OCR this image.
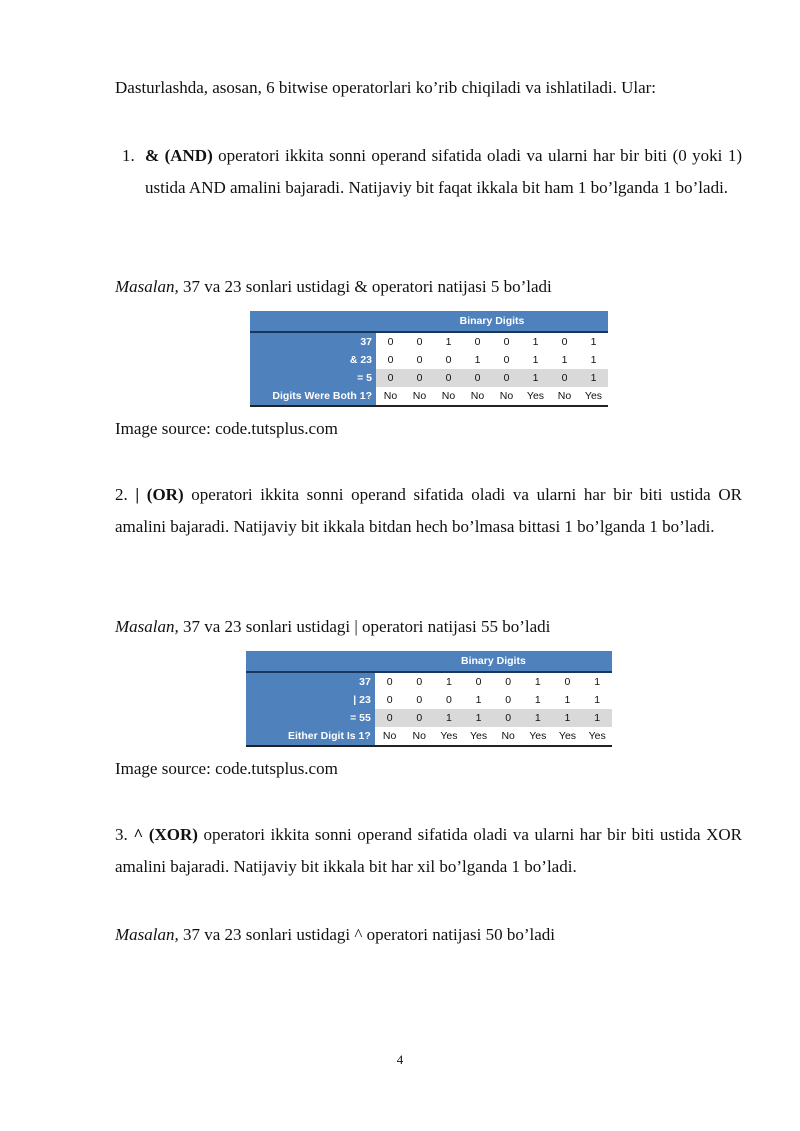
Dasturlashda, asosan, 6 bitwise operatorlari ko’rib chiqiladi va ishlatiladi. Ular:

1. & (AND) operatori ikkita sonni operand sifatida oladi va ularni har bir biti (0 yoki 1) ustida AND amalini bajaradi. Natijaviy bit faqat ikkala bit ham 1 bo’lganda 1 bo’ladi.

Masalan, 37 va 23 sonlari ustidagi & operatori natijasi 5 bo’ladi

	Binary Digits							
37	0	0	1	0	0	1	0	1
& 23	0	0	0	1	0	1	1	1
= 5	0	0	0	0	0	1	0	1
Digits Were Both 1?	No	No	No	No	No	Yes	No	Yes

Image source: code.tutsplus.com

2. | (OR) operatori ikkita sonni operand sifatida oladi va ularni har bir biti ustida OR amalini bajaradi. Natijaviy bit ikkala bitdan hech bo’lmasa bittasi 1 bo’lganda 1 bo’ladi.

Masalan, 37 va 23 sonlari ustidagi | operatori natijasi 55 bo’ladi

	Binary Digits							
37	0	0	1	0	0	1	0	1
| 23	0	0	0	1	0	1	1	1
= 55	0	0	1	1	0	1	1	1
Either Digit Is 1?	No	No	Yes	Yes	No	Yes	Yes	Yes

Image source: code.tutsplus.com

3. ^ (XOR) operatori ikkita sonni operand sifatida oladi va ularni har bir biti ustida XOR amalini bajaradi. Natijaviy bit ikkala bit har xil bo’lganda 1 bo’ladi.

Masalan, 37 va 23 sonlari ustidagi ^ operatori natijasi 50 bo’ladi

4
